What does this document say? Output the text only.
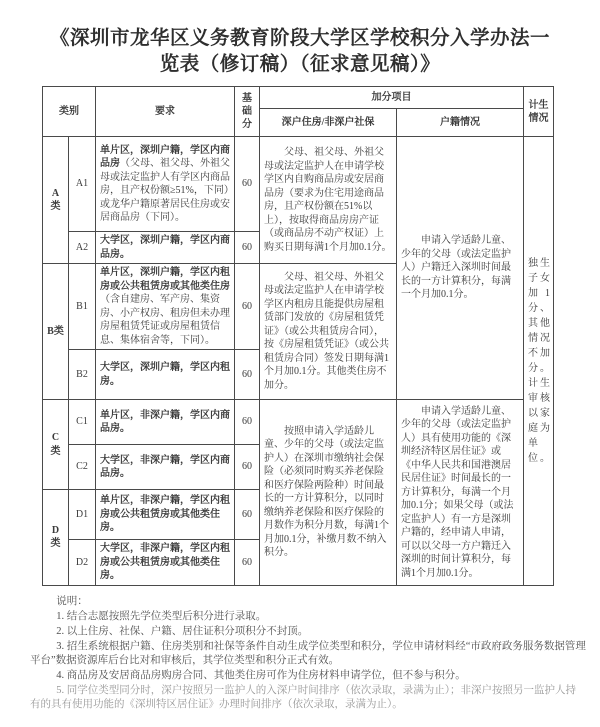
《深圳市龙华区义务教育阶段大学区学校积分入学办法一览表（修订稿）（征求意见稿）》
类别		要求	基础分	加分项目		计生情况

				深户住房/非深户社保	户籍情况	
A类	A1	单片区，深圳户籍，学区内商品房（父母、祖父母、外祖父母或法定监护人有学区内商品房，且产权份额≥51%，下同）或龙华户籍原著居民住房或安居商品房（下同）。	60	父母、祖父母、外祖父母或法定监护人在申请学校学区内自购商品房或安居商品房（要求为住宅用途商品房，且产权份额在51%以上），按取得商品房房产证（或商品房不动产权证）上购买日期每满1个月加0.1分。	申请入学适龄儿童、少年的父母（或法定监护人）户籍迁入深圳时间最长的一方计算积分，每满一个月加0.1分。	独生子女加1分、其他情况不加分。计生审核以家庭为单位。

	A2	大学区，深圳户籍，学区内商品房。	60			
B类	B1	单片区，深圳户籍，学区内租房或公共租赁房或其他类住房（含自建房、军产房、集资房、小产权房、租房但未办理房屋租赁凭证或房屋租赁信息、集体宿舍等，下同）。	60	父母、祖父母、外祖父母或法定监护人在申请学校学区内租房且能提供房屋租赁部门发放的《房屋租赁凭证》（或公共租赁房合同），按《房屋租赁凭证》（或公共租赁房合同）签发日期每满1个月加0.1分。其他类住房不加分。		

	B2	大学区，深圳户籍，学区内租房。	60			
C类	C1	单片区，非深户籍，学区内商品房。	60	按照申请入学适龄儿童、少年的父母（或法定监护人）在深圳市缴纳社会保险（必须同时购买养老保险和医疗保险两险种）时间最长的一方计算积分，以同时缴纳养老保险和医疗保险的月数作为积分月数，每满1个月加0.1分，补缴月数不纳入积分。	申请入学适龄儿童、少年的父母（或法定监护人）具有使用功能的《深圳经济特区居住证》或《中华人民共和国港澳居民居住证》时间最长的一方计算积分，每满一个月加0.1分；如果父母（或法定监护人）有一方是深圳户籍的，经申请人申请，可以以父母一方户籍迁入深圳的时间计算积分，每满1个月加0.1分。	

	C2	大学区，非深户籍，学区内商品房。	60			
D类	D1	单片区，非深户籍，学区内租房或公共租赁房或其他类住房。	60			
	D2	大学区，非深户籍，学区内租房或公共租赁房或其他类住房。	60			

说明：

1. 结合志愿按照先学位类型后积分进行录取。

2. 以上住房、社保、户籍、居住证积分项积分不封顶。

3. 招生系统根据户籍、住房类别和社保等条件自动生成学位类型和积分，学位申请材料经“市政府政务服务数据管理平台”数据资源库后台比对和审核后，其学位类型和积分正式有效。

4. 商品房及安居商品房购房合同、其他类住房可作为住房材料申请学位，但不参与积分。

5. 同学位类型同分时，深户按照另一监护人的入深户时间排序（依次录取，录满为止）；非深户按照另一监护人持有的具有使用功能的《深圳特区居住证》办理时间排序（依次录取，录满为止）。
